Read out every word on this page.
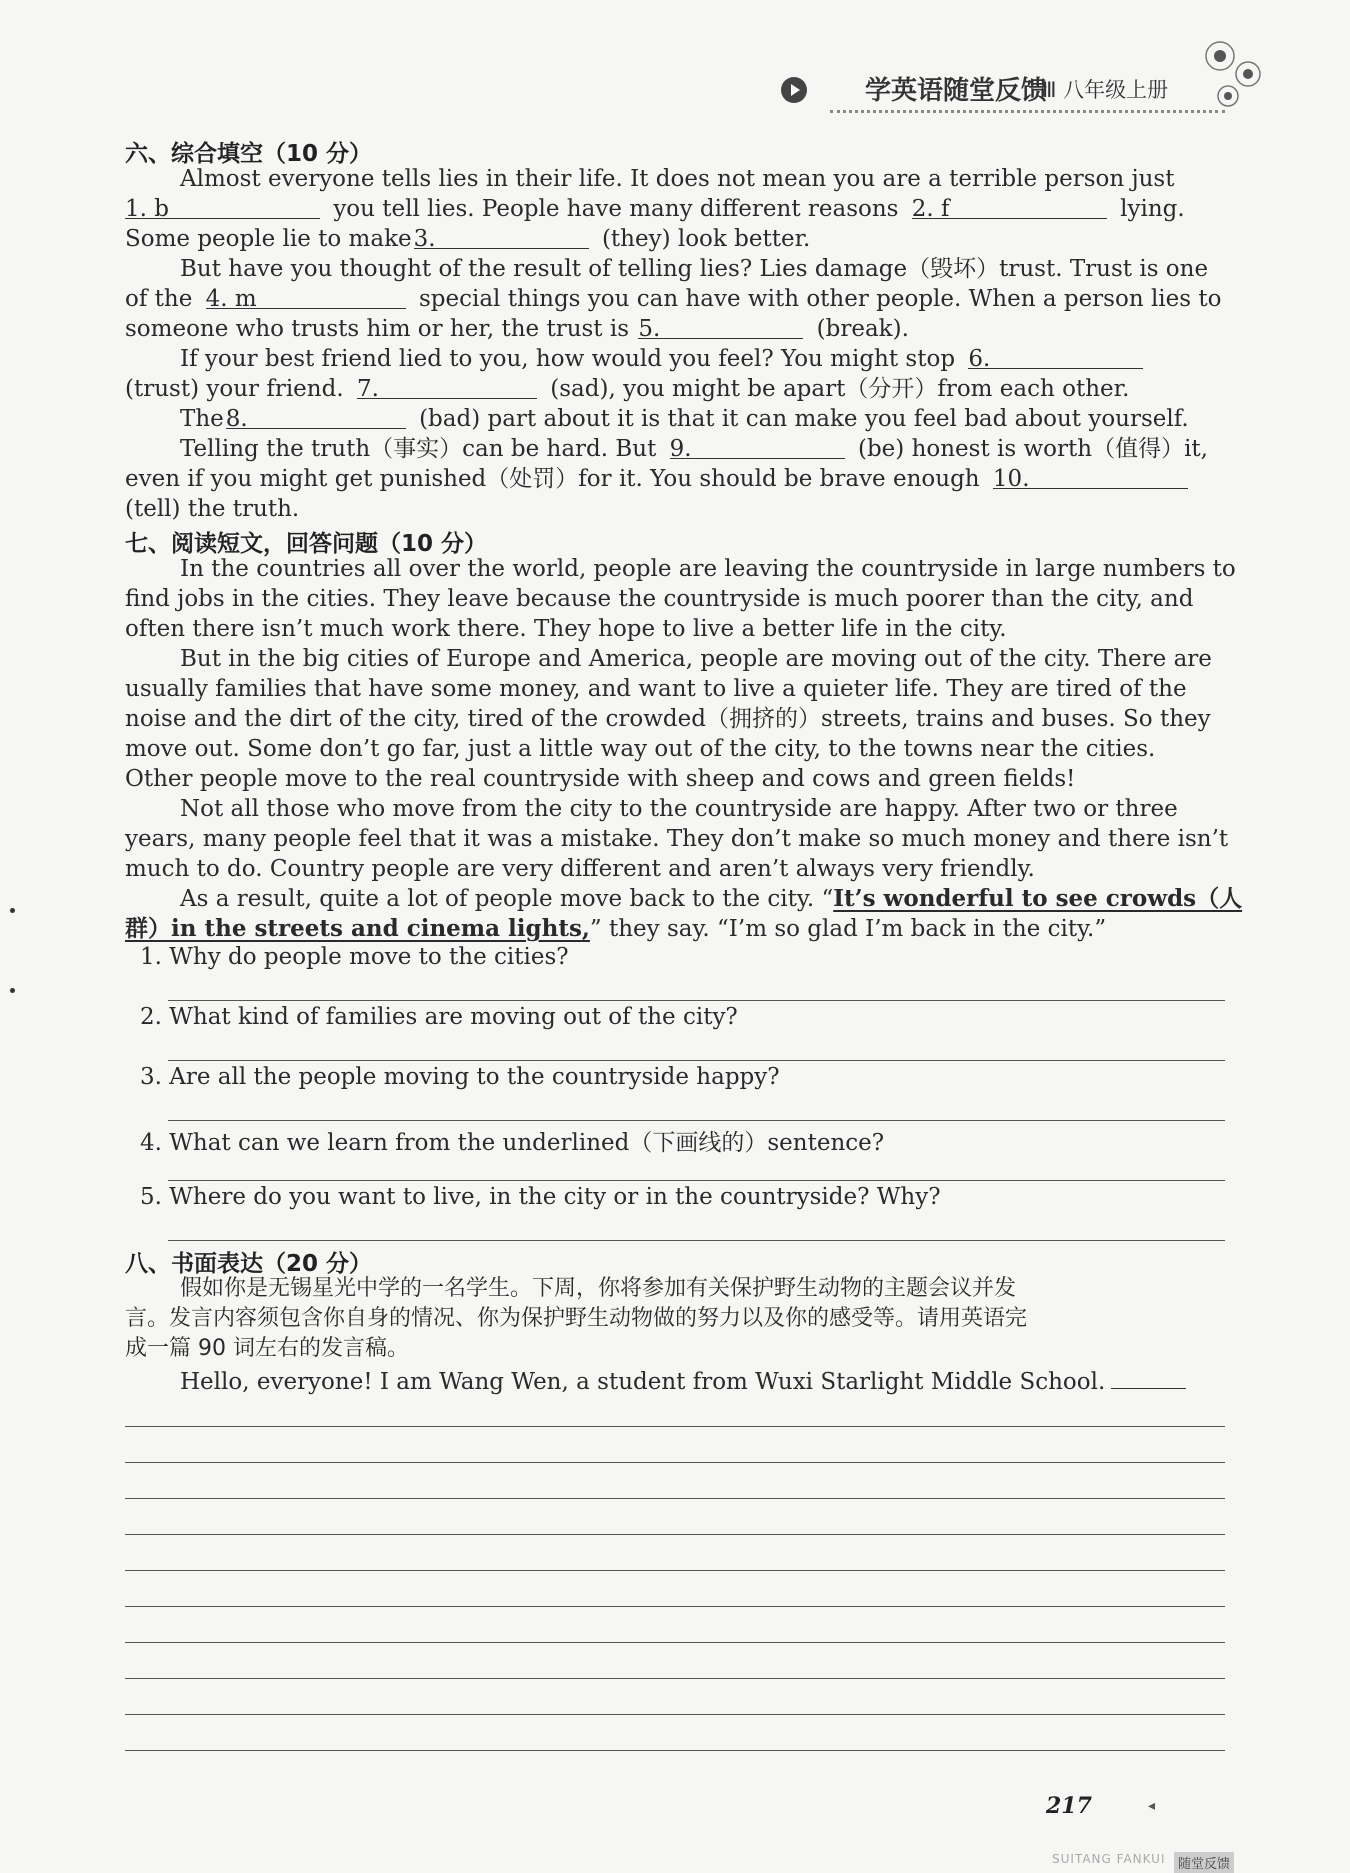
学英语随堂反馈
Ⅲ 八年级上册
六、综合填空（10 分）
Almost everyone tells lies in their life. It does not mean you are a terrible person just
1. b	you tell lies. People have many different reasons 2. f	lying.
Some people lie to make3.	(they) look better.
But have you thought of the result of telling lies? Lies damage（毁坏）trust. Trust is one
of the 4. m	special things you can have with other people. When a person lies to
someone who trusts him or her, the trust is 5.	(break).
If your best friend lied to you, how would you feel? You might stop 6.
(trust) your friend. 7.	(sad), you might be apart（分开）from each other.
The8.	(bad) part about it is that it can make you feel bad about yourself.
Telling the truth（事实）can be hard. But 9.	(be) honest is worth（值得）it,
even if you might get punished（处罚）for it. You should be brave enough 10.
(tell) the truth.
七、阅读短文，回答问题（10 分）
In the countries all over the world, people are leaving the countryside in large numbers to
find jobs in the cities. They leave because the countryside is much poorer than the city, and
often there isn’t much work there. They hope to live a better life in the city.
But in the big cities of Europe and America, people are moving out of the city. There are
usually families that have some money, and want to live a quieter life. They are tired of the
noise and the dirt of the city, tired of the crowded（拥挤的）streets, trains and buses. So they
move out. Some don’t go far, just a little way out of the city, to the towns near the cities.
Other people move to the real countryside with sheep and cows and green fields!
Not all those who move from the city to the countryside are happy. After two or three
years, many people feel that it was a mistake. They don’t make so much money and there isn’t
much to do. Country people are very different and aren’t always very friendly.
As a result, quite a lot of people move back to the city. “It’s wonderful to see crowds（人
群）in the streets and cinema lights,” they say. “I’m so glad I’m back in the city.”
1. Why do people move to the cities?
2. What kind of families are moving out of the city?
3. Are all the people moving to the countryside happy?
4. What can we learn from the underlined（下画线的）sentence?
5. Where do you want to live, in the city or in the countryside? Why?
八、书面表达（20 分）
假如你是无锡星光中学的一名学生。下周，你将参加有关保护野生动物的主题会议并发
言。发言内容须包含你自身的情况、你为保护野生动物做的努力以及你的感受等。请用英语完
成一篇 90 词左右的发言稿。
Hello, everyone! I am Wang Wen, a student from Wuxi Starlight Middle School.
217	◂
SUITANG FANKUI 随堂反馈
